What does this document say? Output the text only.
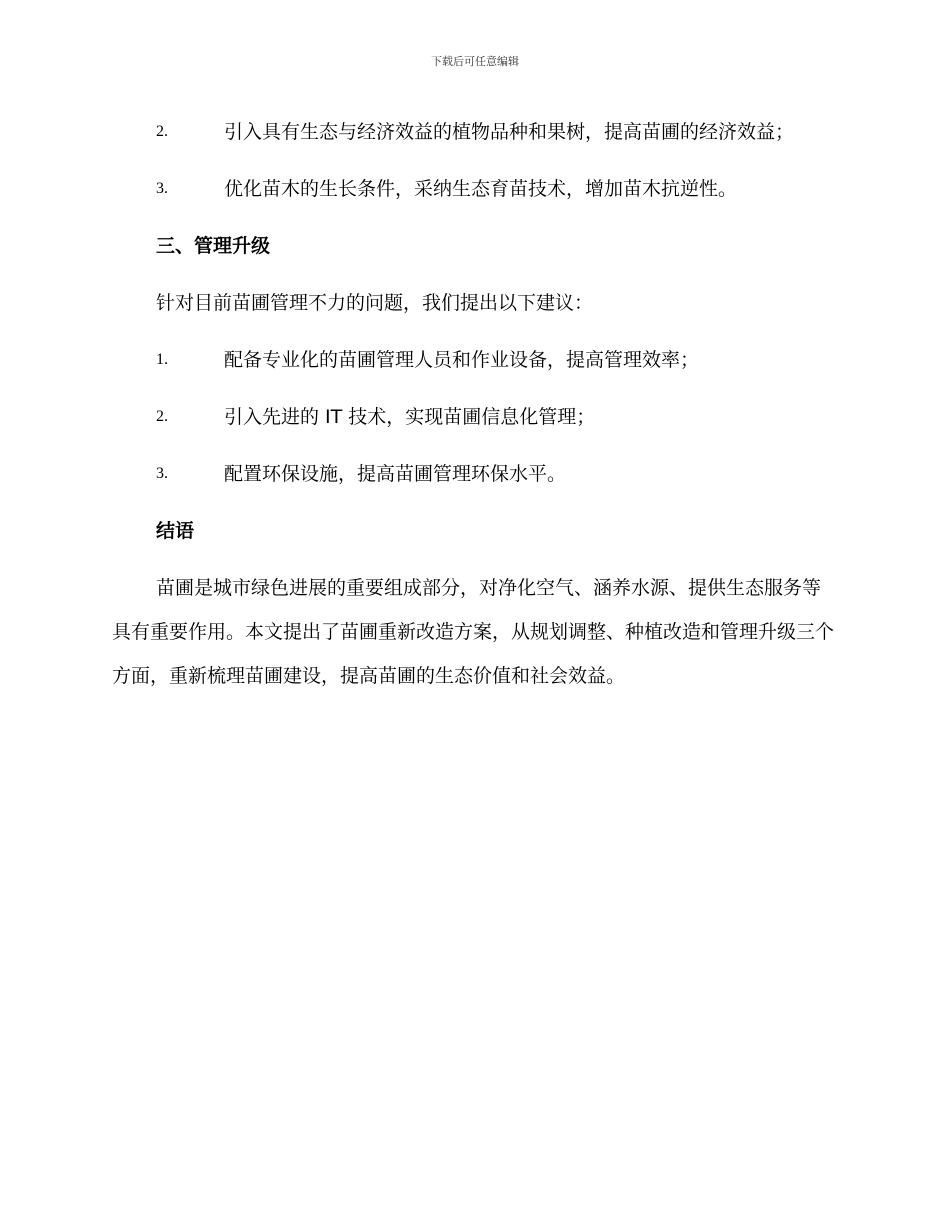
下载后可任意编辑
2.	引入具有生态与经济效益的植物品种和果树，提高苗圃的经济效益；
3.	优化苗木的生长条件，采纳生态育苗技术，增加苗木抗逆性。
三、管理升级
针对目前苗圃管理不力的问题，我们提出以下建议：
1.	配备专业化的苗圃管理人员和作业设备，提高管理效率；
2.	引入先进的 IT 技术，实现苗圃信息化管理；
3.	配置环保设施，提高苗圃管理环保水平。
结语
苗圃是城市绿色进展的重要组成部分，对净化空气、涵养水源、提供生态服务等具有重要作用。本文提出了苗圃重新改造方案，从规划调整、种植改造和管理升级三个方面，重新梳理苗圃建设，提高苗圃的生态价值和社会效益。
